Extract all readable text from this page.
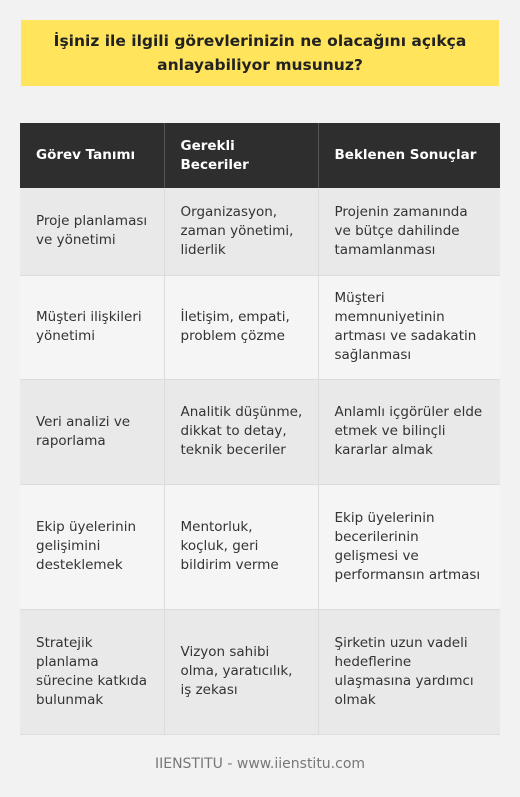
İşiniz ile ilgili görevlerinizin ne olacağını açıkça anlayabiliyor musunuz?
Görev Tanımı	Gerekli Beceriler	Beklenen Sonuçlar
Proje planlaması ve yönetimi	Organizasyon, zaman yönetimi, liderlik	Projenin zamanında ve bütçe dahilinde tamamlanması
Müşteri ilişkileri yönetimi	İletişim, empati, problem çözme	Müşteri memnuniyetinin artması ve sadakatin sağlanması
Veri analizi ve raporlama	Analitik düşünme, dikkat to detay, teknik beceriler	Anlamlı içgörüler elde etmek ve bilinçli kararlar almak
Ekip üyelerinin gelişimini desteklemek	Mentorluk, koçluk, geri bildirim verme	Ekip üyelerinin becerilerinin gelişmesi ve performansın artması
Stratejik planlama sürecine katkıda bulunmak	Vizyon sahibi olma, yaratıcılık, iş zekası	Şirketin uzun vadeli hedeflerine ulaşmasına yardımcı olmak
IIENSTITU - www.iienstitu.com
